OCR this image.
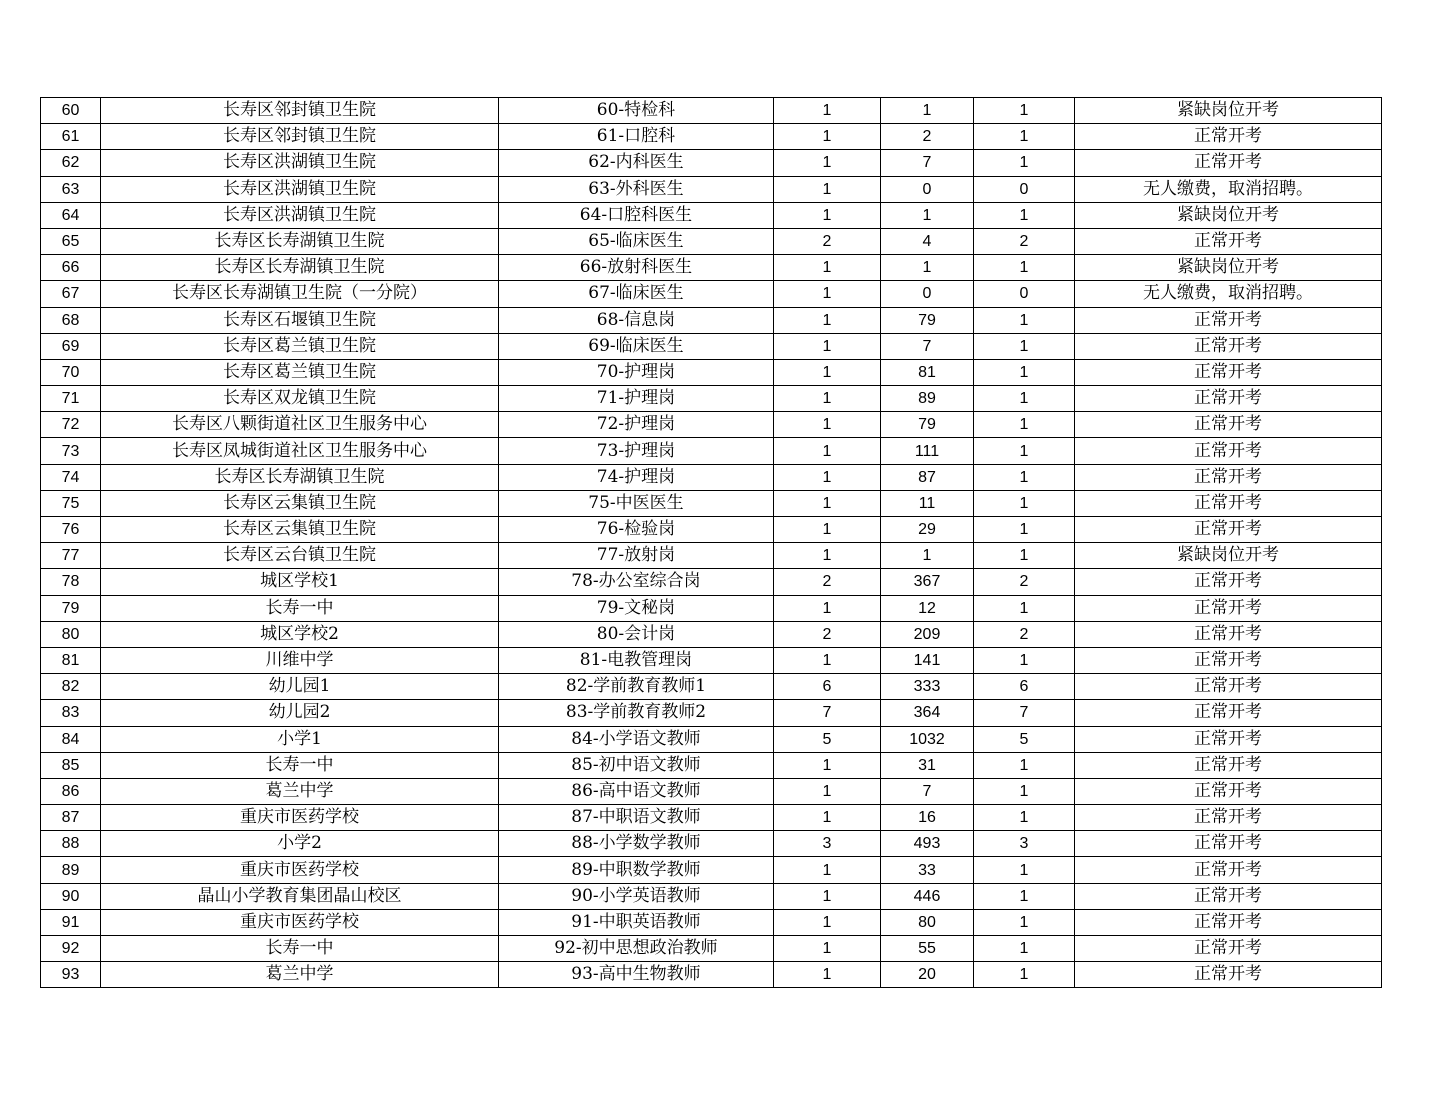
60	长寿区邻封镇卫生院	60-特检科	1	1	1	紧缺岗位开考
61	长寿区邻封镇卫生院	61-口腔科	1	2	1	正常开考
62	长寿区洪湖镇卫生院	62-内科医生	1	7	1	正常开考
63	长寿区洪湖镇卫生院	63-外科医生	1	0	0	无人缴费，取消招聘。
64	长寿区洪湖镇卫生院	64-口腔科医生	1	1	1	紧缺岗位开考
65	长寿区长寿湖镇卫生院	65-临床医生	2	4	2	正常开考
66	长寿区长寿湖镇卫生院	66-放射科医生	1	1	1	紧缺岗位开考
67	长寿区长寿湖镇卫生院（一分院）	67-临床医生	1	0	0	无人缴费，取消招聘。
68	长寿区石堰镇卫生院	68-信息岗	1	79	1	正常开考
69	长寿区葛兰镇卫生院	69-临床医生	1	7	1	正常开考
70	长寿区葛兰镇卫生院	70-护理岗	1	81	1	正常开考
71	长寿区双龙镇卫生院	71-护理岗	1	89	1	正常开考
72	长寿区八颗街道社区卫生服务中心	72-护理岗	1	79	1	正常开考
73	长寿区凤城街道社区卫生服务中心	73-护理岗	1	111	1	正常开考
74	长寿区长寿湖镇卫生院	74-护理岗	1	87	1	正常开考
75	长寿区云集镇卫生院	75-中医医生	1	11	1	正常开考
76	长寿区云集镇卫生院	76-检验岗	1	29	1	正常开考
77	长寿区云台镇卫生院	77-放射岗	1	1	1	紧缺岗位开考
78	城区学校1	78-办公室综合岗	2	367	2	正常开考
79	长寿一中	79-文秘岗	1	12	1	正常开考
80	城区学校2	80-会计岗	2	209	2	正常开考
81	川维中学	81-电教管理岗	1	141	1	正常开考
82	幼儿园1	82-学前教育教师1	6	333	6	正常开考
83	幼儿园2	83-学前教育教师2	7	364	7	正常开考
84	小学1	84-小学语文教师	5	1032	5	正常开考
85	长寿一中	85-初中语文教师	1	31	1	正常开考
86	葛兰中学	86-高中语文教师	1	7	1	正常开考
87	重庆市医药学校	87-中职语文教师	1	16	1	正常开考
88	小学2	88-小学数学教师	3	493	3	正常开考
89	重庆市医药学校	89-中职数学教师	1	33	1	正常开考
90	晶山小学教育集团晶山校区	90-小学英语教师	1	446	1	正常开考
91	重庆市医药学校	91-中职英语教师	1	80	1	正常开考
92	长寿一中	92-初中思想政治教师	1	55	1	正常开考
93	葛兰中学	93-高中生物教师	1	20	1	正常开考
